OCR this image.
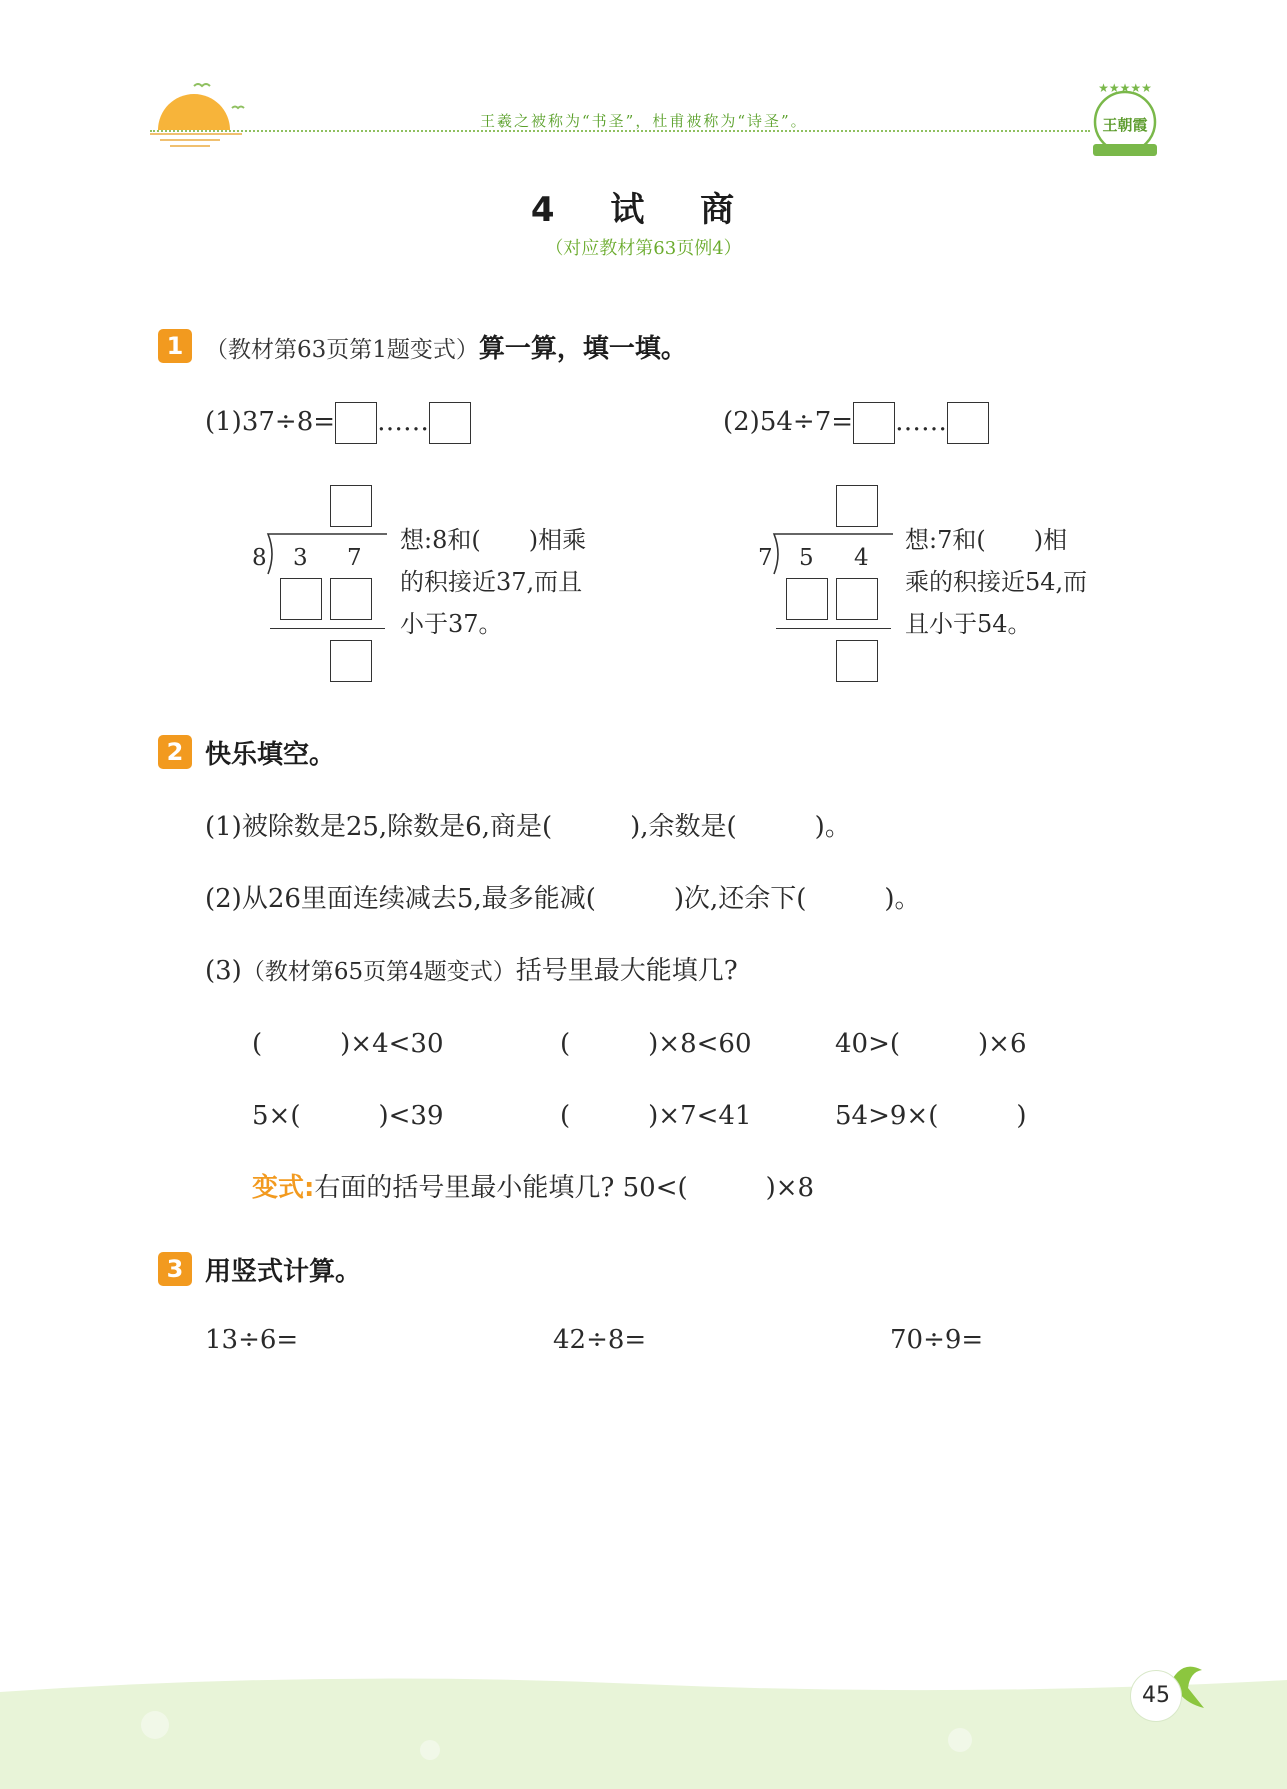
王羲之被称为“书圣”，杜甫被称为“诗圣”。
★★★★★
王朝霞
4 试 商
（对应教材第63页例4）
1 （教材第63页第1题变式）算一算，填一填。
(1)37÷8= ……
8 3 7
想:8和(　　)相乘
的积接近37,而且
小于37。
(2)54÷7= ……
7 5 4
想:7和(　　)相
乘的积接近54,而
且小于54。
2 快乐填空。
(1)被除数是25,除数是6,商是(　　　),余数是(　　　)。
(2)从26里面连续减去5,最多能减(　　　)次,还余下(　　　)。
(3)（教材第65页第4题变式）括号里最大能填几?
(　　　)×4<30	(　　　)×8<60	40>(　　　)×6
5×(　　　)<39	(　　　)×7<41	54>9×(　　　)
变式:右面的括号里最小能填几? 50<(　　　)×8
3 用竖式计算。
13÷6=	42÷8=	70÷9=
45
